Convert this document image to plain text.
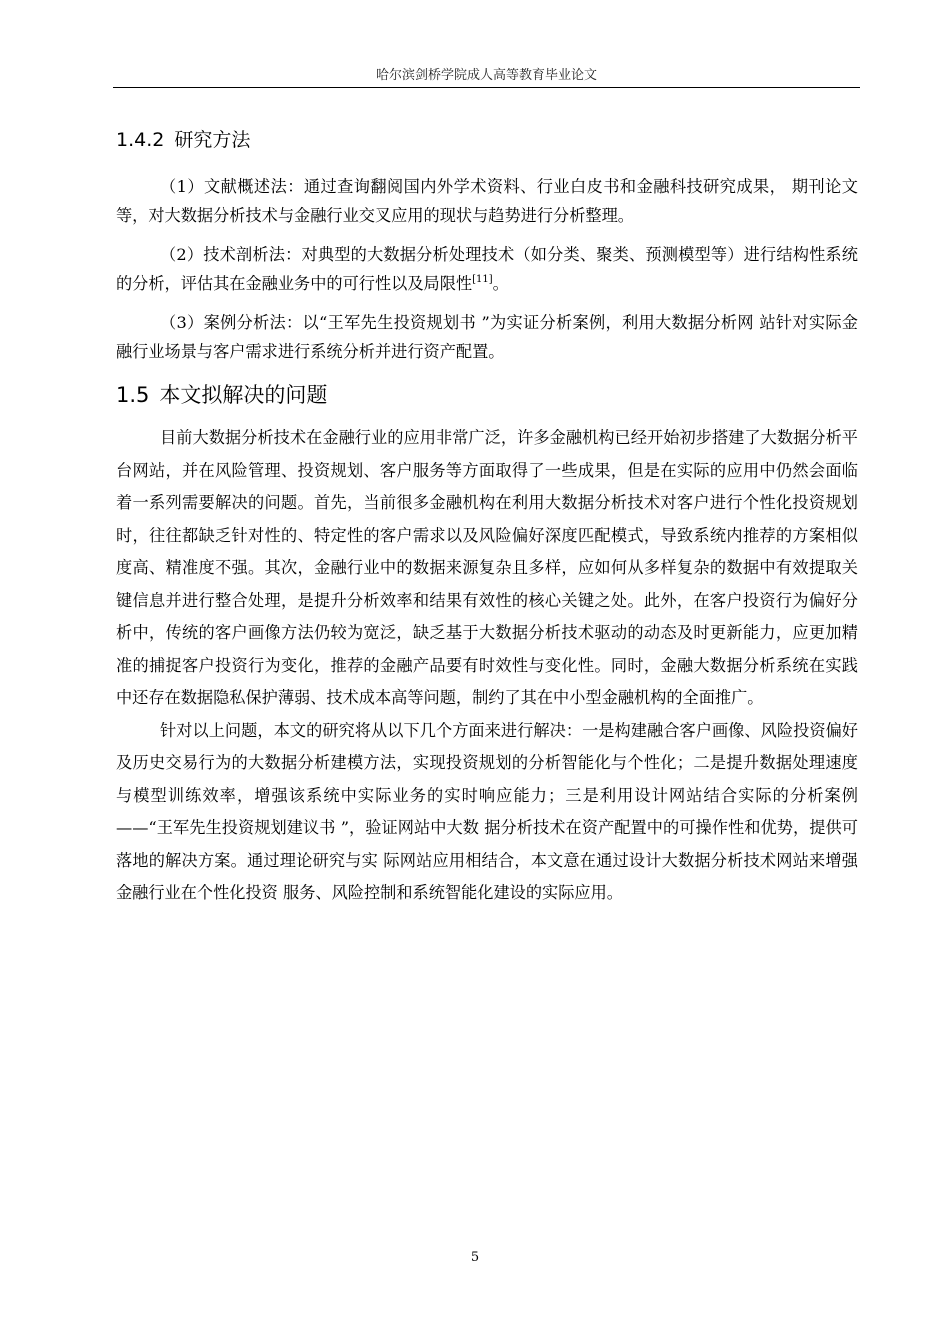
哈尔滨剑桥学院成人高等教育毕业论文
1.4.2 研究方法

（1）文献概述法：通过查询翻阅国内外学术资料、行业白皮书和金融科技研究成果， 期刊论文等，对大数据分析技术与金融行业交叉应用的现状与趋势进行分析整理。

（2）技术剖析法：对典型的大数据分析处理技术（如分类、聚类、预测模型等）进行结构性系统的分析，评估其在金融业务中的可行性以及局限性[11]。

（3）案例分析法：以“王军先生投资规划书 ”为实证分析案例，利用大数据分析网 站针对实际金融行业场景与客户需求进行系统分析并进行资产配置。

1.5 本文拟解决的问题

目前大数据分析技术在金融行业的应用非常广泛，许多金融机构已经开始初步搭建了大数据分析平台网站，并在风险管理、投资规划、客户服务等方面取得了一些成果，但是在实际的应用中仍然会面临着一系列需要解决的问题。首先，当前很多金融机构在利用大数据分析技术对客户进行个性化投资规划时，往往都缺乏针对性的、特定性的客户需求以及风险偏好深度匹配模式，导致系统内推荐的方案相似度高、精准度不强。其次，金融行业中的数据来源复杂且多样，应如何从多样复杂的数据中有效提取关键信息并进行整合处理，是提升分析效率和结果有效性的核心关键之处。此外，在客户投资行为偏好分析中，传统的客户画像方法仍较为宽泛，缺乏基于大数据分析技术驱动的动态及时更新能力，应更加精准的捕捉客户投资行为变化，推荐的金融产品要有时效性与变化性。同时，金融大数据分析系统在实践中还存在数据隐私保护薄弱、技术成本高等问题，制约了其在中小型金融机构的全面推广。

针对以上问题，本文的研究将从以下几个方面来进行解决：一是构建融合客户画像、风险投资偏好及历史交易行为的大数据分析建模方法，实现投资规划的分析智能化与个性化；二是提升数据处理速度与模型训练效率，增强该系统中实际业务的实时响应能力；三是利用设计网站结合实际的分析案例——“王军先生投资规划建议书 ”，验证网站中大数 据分析技术在资产配置中的可操作性和优势，提供可落地的解决方案。通过理论研究与实 际网站应用相结合，本文意在通过设计大数据分析技术网站来增强金融行业在个性化投资 服务、风险控制和系统智能化建设的实际应用。

5
